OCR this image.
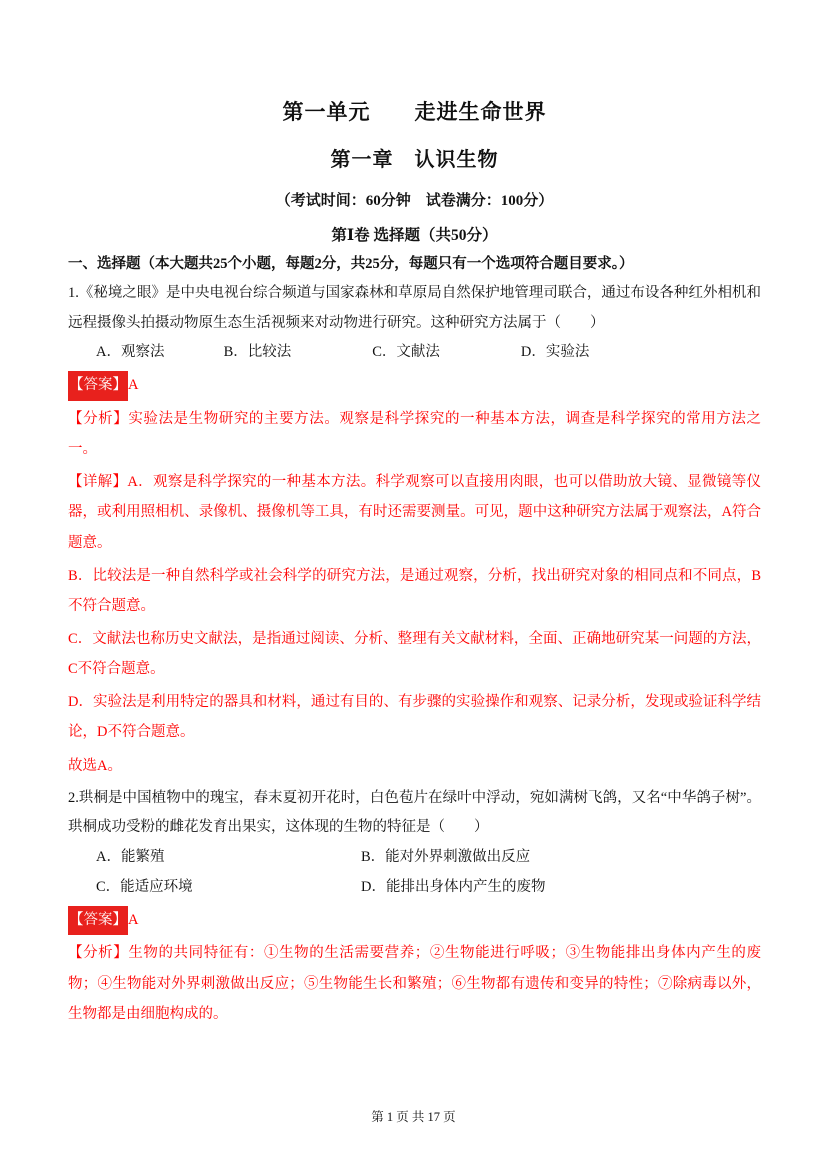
第一单元　　走进生命世界
第一章　认识生物

（考试时间：60分钟　试卷满分：100分）

第Ⅰ卷 选择题（共50分）

一、选择题（本大题共25个小题，每题2分，共25分，每题只有一个选项符合题目要求。）

1.《秘境之眼》是中央电视台综合频道与国家森林和草原局自然保护地管理司联合，通过布设各种红外相机和远程摄像头拍摄动物原生态生活视频来对动物进行研究。这种研究方法属于（　　）

A．观察法	B．比较法	C．文献法	D．实验法

【答案】A

【分析】实验法是生物研究的主要方法。观察是科学探究的一种基本方法，调查是科学探究的常用方法之一。

【详解】A．观察是科学探究的一种基本方法。科学观察可以直接用肉眼，也可以借助放大镜、显微镜等仪器，或利用照相机、录像机、摄像机等工具，有时还需要测量。可见，题中这种研究方法属于观察法，A符合题意。

B．比较法是一种自然科学或社会科学的研究方法，是通过观察，分析，找出研究对象的相同点和不同点，B不符合题意。

C．文献法也称历史文献法，是指通过阅读、分析、整理有关文献材料，全面、正确地研究某一问题的方法，C不符合题意。

D．实验法是利用特定的器具和材料，通过有目的、有步骤的实验操作和观察、记录分析，发现或验证科学结论，D不符合题意。

故选A。

2.珙桐是中国植物中的瑰宝，春末夏初开花时，白色苞片在绿叶中浮动，宛如满树飞鸽，又名“中华鸽子树”。珙桐成功受粉的雌花发育出果实，这体现的生物的特征是（　　）

A．能繁殖	B．能对外界刺激做出反应
C．能适应环境	D．能排出身体内产生的废物

【答案】A

【分析】生物的共同特征有：①生物的生活需要营养；②生物能进行呼吸；③生物能排出身体内产生的废物；④生物能对外界刺激做出反应；⑤生物能生长和繁殖；⑥生物都有遗传和变异的特性；⑦除病毒以外，生物都是由细胞构成的。

第 1 页 共 17 页
